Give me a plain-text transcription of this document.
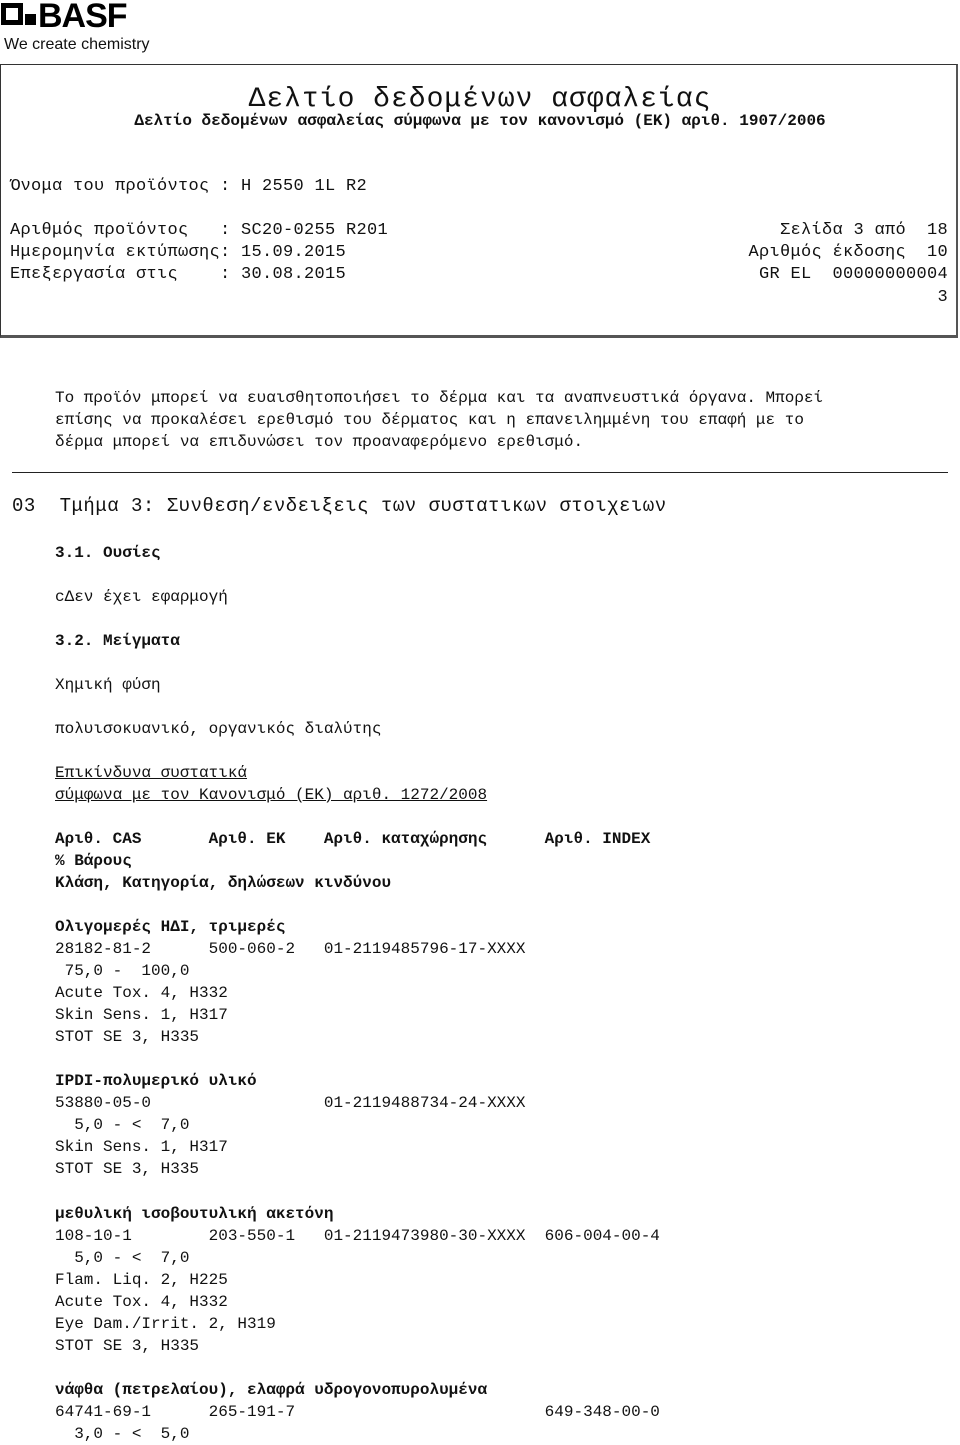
BASF

We create chemistry

Δελτίο δεδομένων ασφαλείας
Δελτίο δεδομένων ασφαλείας σύμφωνα με τον κανονισμό (ΕΚ) αριθ. 1907/2006
Όνομα του προϊόντος : H 2550 1L R2
Αριθμός προϊόντος   : SC20-0255 R201
Ημερομηνία εκτύπωσης: 15.09.2015
Επεξεργασία στις    : 30.08.2015
Σελίδα 3 από  18
Αριθμός έκδοσης  10
GR EL  00000000004
3
Το προϊόν μπορεί να ευαισθητοποιήσει το δέρμα και τα αναπνευστικά όργανα. Μπορεί
επίσης να προκαλέσει ερεθισμό του δέρματος και η επανειλημμένη του επαφή με το
δέρμα μπορεί να επιδυνώσει τον προαναφερόμενο ερεθισμό.
03  Τμήμα 3: Συνθεση/ενδειξεις των συστατικων στοιχειων
3.1. Ουσίες
cΔεν έχει εφαρμογή
3.2. Μείγματα
Χημική φύση
πολυισοκυανικό, οργανικός διαλύτης
Επικίνδυνα συστατικά
σύμφωνα με τον Κανονισμό (ΕΚ) αριθ. 1272/2008
Αριθ. CAS       Αριθ. EK    Αριθ. καταχώρησης      Αριθ. INDEX
% Βάρους
Κλάση, Κατηγορία, δηλώσεων κινδύνου
Ολιγομερές ΗΔΙ, τριμερές
28182-81-2      500-060-2   01-2119485796-17-XXXX
75,0 -  100,0
Acute Tox. 4, H332
Skin Sens. 1, H317
STOT SE 3, H335
IPDI-πολυμερικό υλικό
53880-05-0                  01-2119488734-24-XXXX
5,0 - <  7,0
Skin Sens. 1, H317
STOT SE 3, H335
μεθυλική ισοβουτυλική ακετόνη
108-10-1        203-550-1   01-2119473980-30-XXXX  606-004-00-4
5,0 - <  7,0
Flam. Liq. 2, H225
Acute Tox. 4, H332
Eye Dam./Irrit. 2, H319
STOT SE 3, H335
νάφθα (πετρελαίου), ελαφρά υδρογονοπυρολυμένα
64741-69-1      265-191-7                          649-348-00-0
3,0 - <  5,0
